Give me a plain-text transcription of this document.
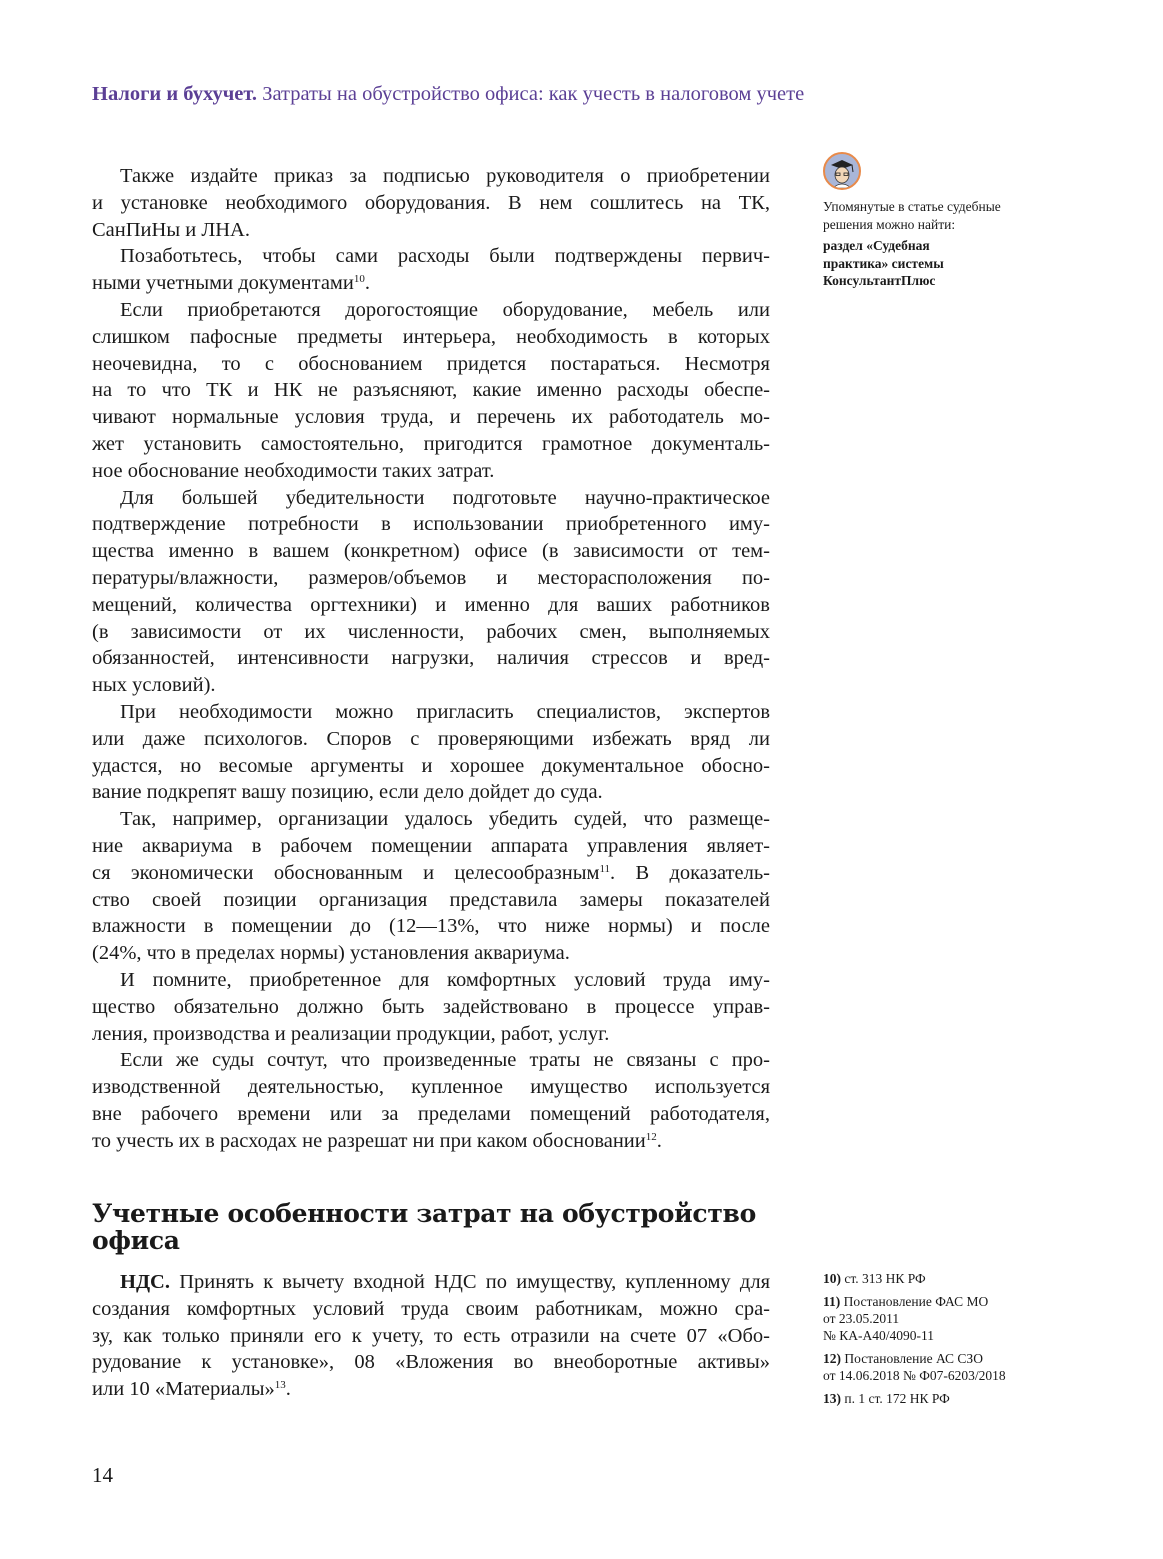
Налоги и бухучет. Затраты на обустройство офиса: как учесть в налоговом учете
Также издайте приказ за подписью руководителя о приобретении
и установке необходимого оборудования. В нем сошлитесь на ТК,
СанПиНы и ЛНА.
Позаботьтесь, чтобы сами расходы были подтверждены первич-
ными учетными документами$^{10}$.
Если приобретаются дорогостоящие оборудование, мебель или
слишком пафосные предметы интерьера, необходимость в которых
неочевидна, то с обоснованием придется постараться. Несмотря
на то что ТК и НК не разъясняют, какие именно расходы обеспе-
чивают нормальные условия труда, и перечень их работодатель мо-
жет установить самостоятельно, пригодится грамотное документаль-
ное обоснование необходимости таких затрат.
Для большей убедительности подготовьте научно-практическое
подтверждение потребности в использовании приобретенного иму-
щества именно в вашем (конкретном) офисе (в зависимости от тем-
пературы/влажности, размеров/объемов и месторасположения по-
мещений, количества оргтехники) и именно для ваших работников
(в зависимости от их численности, рабочих смен, выполняемых
обязанностей, интенсивности нагрузки, наличия стрессов и вред-
ных условий).
При необходимости можно пригласить специалистов, экспертов
или даже психологов. Споров с проверяющими избежать вряд ли
удастся, но весомые аргументы и хорошее документальное обосно-
вание подкрепят вашу позицию, если дело дойдет до суда.
Так, например, организации удалось убедить судей, что размеще-
ние аквариума в рабочем помещении аппарата управления являет-
ся экономически обоснованным и целесообразным$^{11}$. В доказатель-
ство своей позиции организация представила замеры показателей
влажности в помещении до (12—13%, что ниже нормы) и после
(24%, что в пределах нормы) установления аквариума.
И помните, приобретенное для комфортных условий труда иму-
щество обязательно должно быть задействовано в процессе управ-
ления, производства и реализации продукции, работ, услуг.
Если же суды сочтут, что произведенные траты не связаны с про-
изводственной деятельностью, купленное имущество используется
вне рабочего времени или за пределами помещений работодателя,
то учесть их в расходах не разрешат ни при каком обосновании$^{12}$.
Учетные особенности затрат на обустройство
офиса
НДС. Принять к вычету входной НДС по имуществу, купленному для
создания комфортных условий труда своим работникам, можно сра-
зу, как только приняли его к учету, то есть отразили на счете 07 «Обо-
рудование к установке», 08 «Вложения во внеоборотные активы»
или 10 «Материалы»$^{13}$.
Упомянутые в статье судебные
решения можно найти:
раздел «Судебная
практика» системы
КонсультантПлюс
10) ст. 313 НК РФ
11) Постановление ФАС МО
от 23.05.2011
№ КА-А40/4090-11
12) Постановление АС СЗО
от 14.06.2018 № Ф07-6203/2018
13) п. 1 ст. 172 НК РФ
14
